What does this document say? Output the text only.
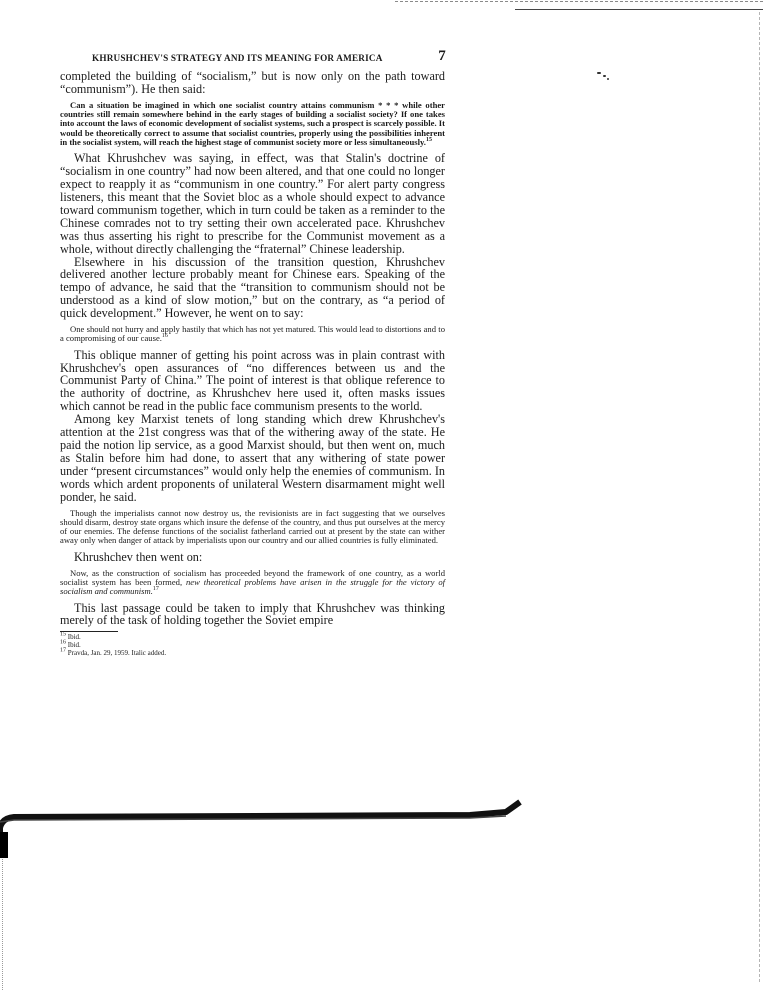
KHRUSHCHEV'S STRATEGY AND ITS MEANING FOR AMERICA	7

completed the building of “socialism,” but is now only on the path toward “communism”). He then said:

Can a situation be imagined in which one socialist country attains communism * * * while other countries still remain somewhere behind in the early stages of building a socialist society? If one takes into account the laws of economic development of socialist systems, such a prospect is scarcely possible. It would be theoretically correct to assume that socialist countries, properly using the possibilities inherent in the socialist system, will reach the highest stage of communist society more or less simultaneously.$^{15}$

What Khrushchev was saying, in effect, was that Stalin's doctrine of “socialism in one country” had now been altered, and that one could no longer expect to reapply it as “communism in one country.” For alert party congress listeners, this meant that the Soviet bloc as a whole should expect to advance toward communism together, which in turn could be taken as a reminder to the Chinese comrades not to try setting their own accelerated pace. Khrushchev was thus asserting his right to prescribe for the Communist movement as a whole, without directly challenging the “fraternal” Chinese leadership.

Elsewhere in his discussion of the transition question, Khrushchev delivered another lecture probably meant for Chinese ears. Speaking of the tempo of advance, he said that the “transition to communism should not be understood as a kind of slow motion,” but on the contrary, as “a period of quick development.” However, he went on to say:

One should not hurry and apply hastily that which has not yet matured. This would lead to distortions and to a compromising of our cause.$^{16}$

This oblique manner of getting his point across was in plain contrast with Khrushchev's open assurances of “no differences between us and the Communist Party of China.” The point of interest is that oblique reference to the authority of doctrine, as Khrushchev here used it, often masks issues which cannot be read in the public face communism presents to the world.

Among key Marxist tenets of long standing which drew Khrushchev's attention at the 21st congress was that of the withering away of the state. He paid the notion lip service, as a good Marxist should, but then went on, much as Stalin before him had done, to assert that any withering of state power under “present circumstances” would only help the enemies of communism. In words which ardent proponents of unilateral Western disarmament might well ponder, he said.

Though the imperialists cannot now destroy us, the revisionists are in fact suggesting that we ourselves should disarm, destroy state organs which insure the defense of the country, and thus put ourselves at the mercy of our enemies. The defense functions of the socialist fatherland carried out at present by the state can wither away only when danger of attack by imperialists upon our country and our allied countries is fully eliminated.

Khrushchev then went on:

Now, as the construction of socialism has proceeded beyond the framework of one country, as a world socialist system has been formed, new theoretical problems have arisen in the struggle for the victory of socialism and communism.$^{17}$

This last passage could be taken to imply that Khrushchev was thinking merely of the task of holding together the Soviet empire

$^{15}$ Ibid.
$^{16}$ Ibid.
$^{17}$ Pravda, Jan. 29, 1959. Italic added.
